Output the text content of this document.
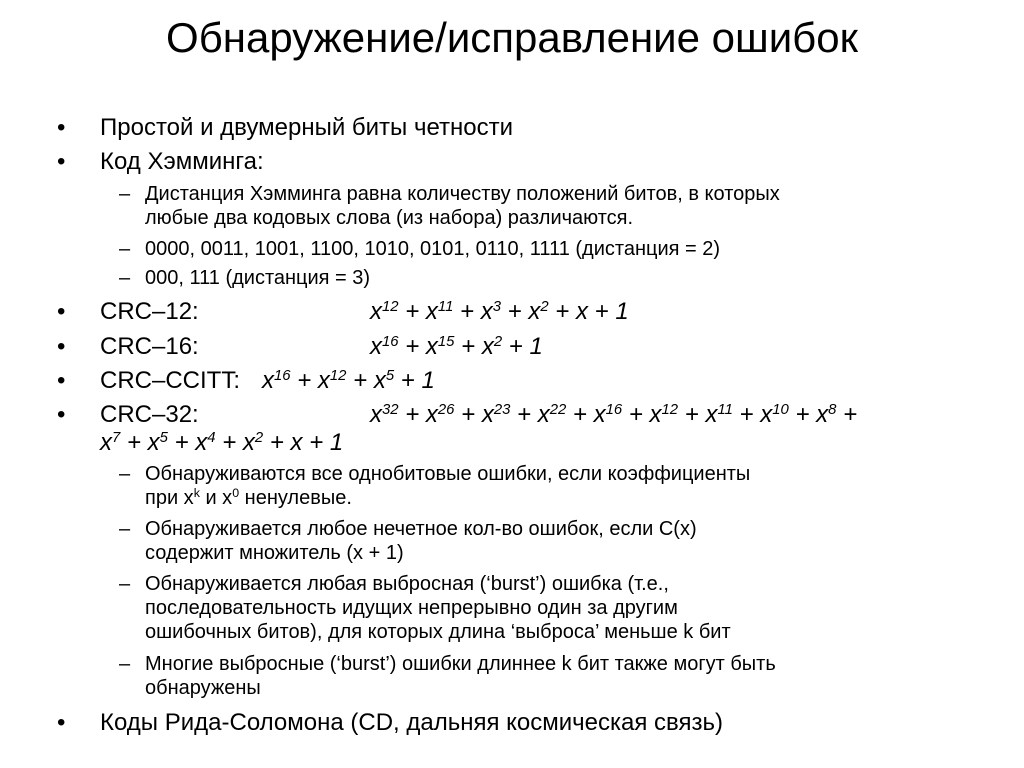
Обнаружение/исправление ошибок
• Простой и двумерный биты четности
• Код Хэмминга:
– Дистанция Хэмминга равна количеству положений битов, в которых
любые два кодовых слова (из набора) различаются.
– 0000, 0011, 1001, 1100, 1010, 0101, 0110, 1111 (дистанция = 2)
– 000, 111 (дистанция = 3)
• CRC–12:	$x^{12} + x^{11} + x^3 + x^2 + x + 1$
• CRC–16:	$x^{16} + x^{15} + x^2 + 1$
• CRC–CCITT: $x^{16} + x^{12} + x^5 + 1$
• CRC–32:	$x^{32} + x^{26} + x^{23} + x^{22} + x^{16} + x^{12} + x^{11} + x^{10} + x^8$ +
$x^7 + x^5 + x^4 + x^2 + x + 1$
– Обнаруживаются все однобитовые ошибки, если коэффициенты
при $x^k$ и $x^0$ ненулевые.
– Обнаруживается любое нечетное кол-во ошибок, если C(x)
содержит множитель (x + 1)
– Обнаруживается любая выбросная (‘burst’) ошибка (т.е.,
последовательность идущих непрерывно один за другим
ошибочных битов), для которых длина ‘выброса’ меньше k бит
– Многие выбросные (‘burst’) ошибки длиннее k бит также могут быть
обнаружены
• Коды Рида-Соломона (CD, дальняя космическая связь)
